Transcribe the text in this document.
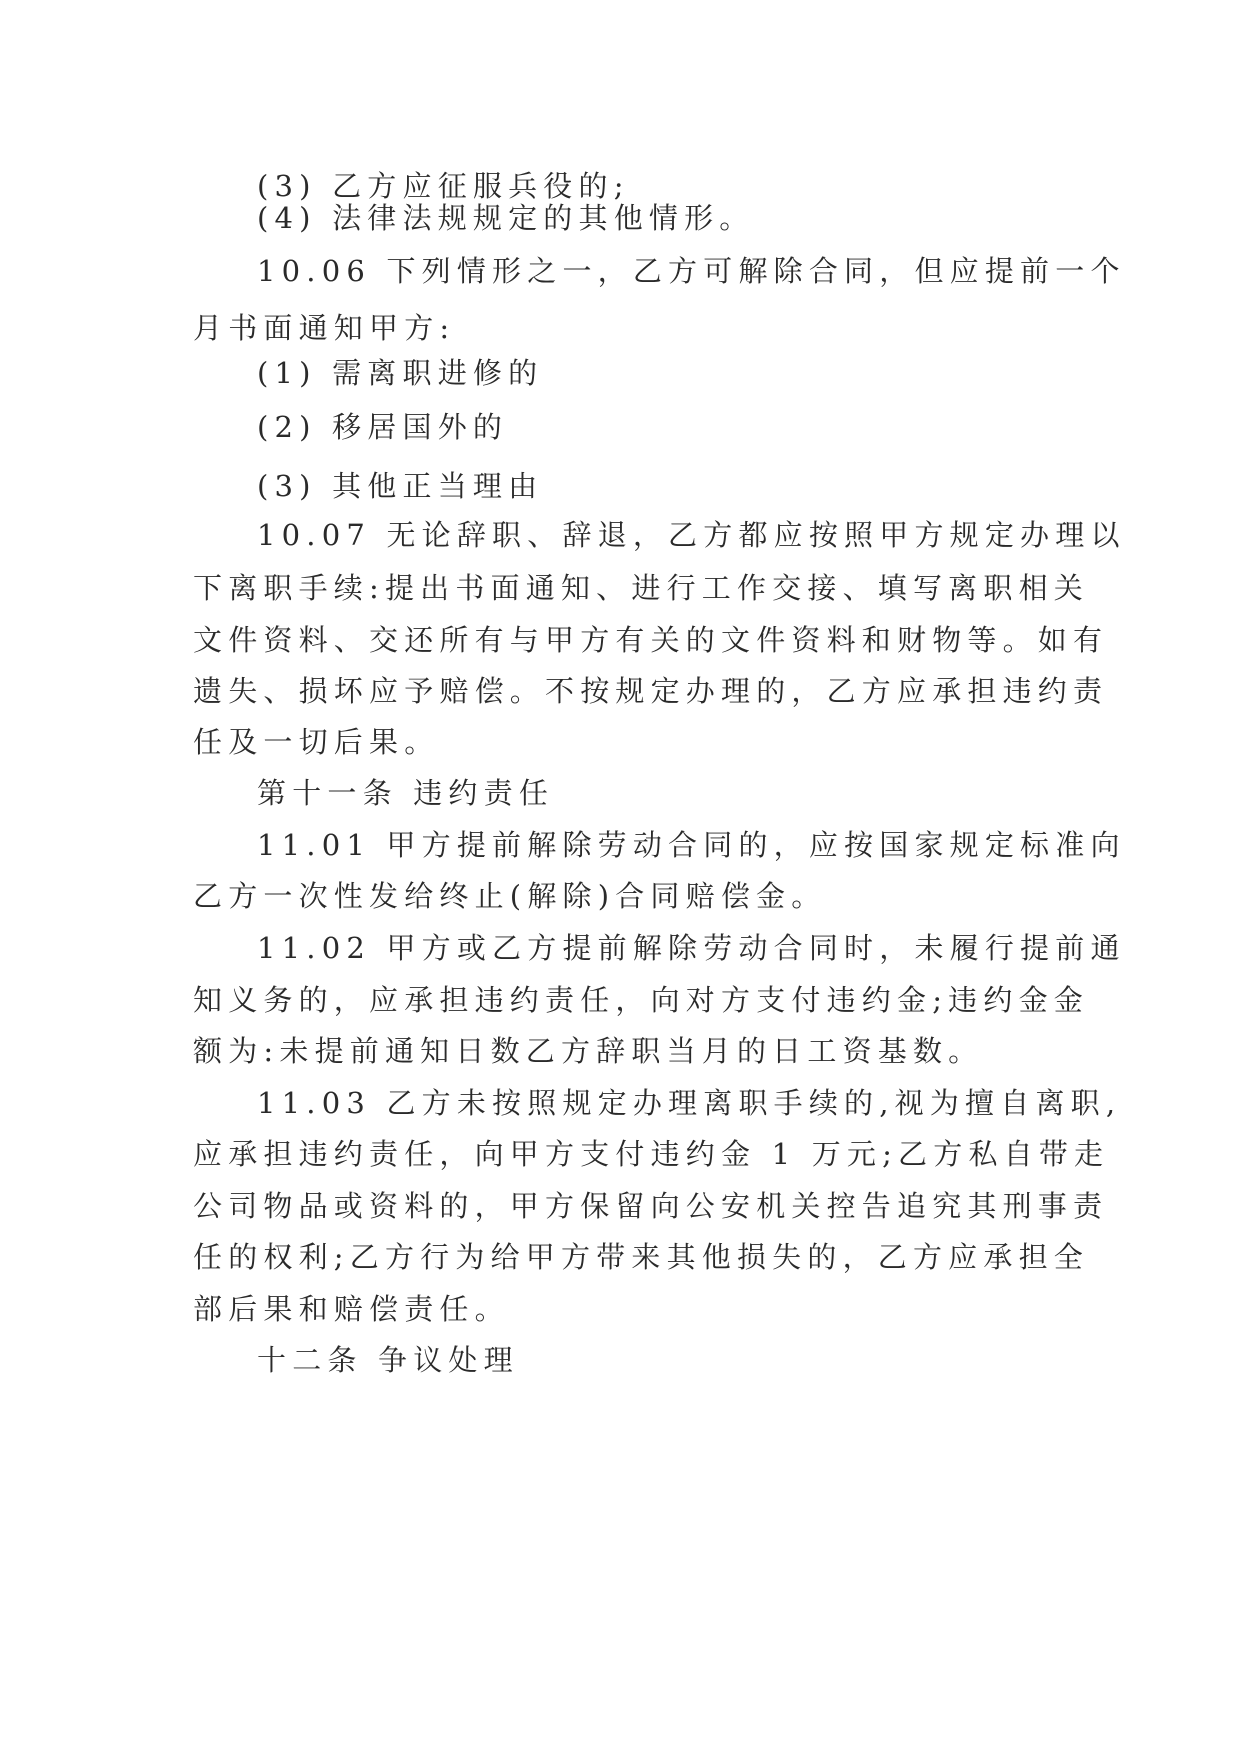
(3) 乙方应征服兵役的;

(4) 法律法规规定的其他情形。

10.06 下列情形之一，乙方可解除合同，但应提前一个

月书面通知甲方:

(1) 需离职进修的

(2) 移居国外的

(3) 其他正当理由

10.07 无论辞职、辞退，乙方都应按照甲方规定办理以

下离职手续:提出书面通知、进行工作交接、填写离职相关

文件资料、交还所有与甲方有关的文件资料和财物等。如有

遗失、损坏应予赔偿。不按规定办理的，乙方应承担违约责

任及一切后果。

第十一条 违约责任

11.01 甲方提前解除劳动合同的，应按国家规定标准向

乙方一次性发给终止(解除)合同赔偿金。

11.02 甲方或乙方提前解除劳动合同时，未履行提前通

知义务的，应承担违约责任，向对方支付违约金;违约金金

额为:未提前通知日数乙方辞职当月的日工资基数。

11.03 乙方未按照规定办理离职手续的,视为擅自离职,

应承担违约责任，向甲方支付违约金 1 万元;乙方私自带走

公司物品或资料的，甲方保留向公安机关控告追究其刑事责

任的权利;乙方行为给甲方带来其他损失的，乙方应承担全

部后果和赔偿责任。

十二条 争议处理
